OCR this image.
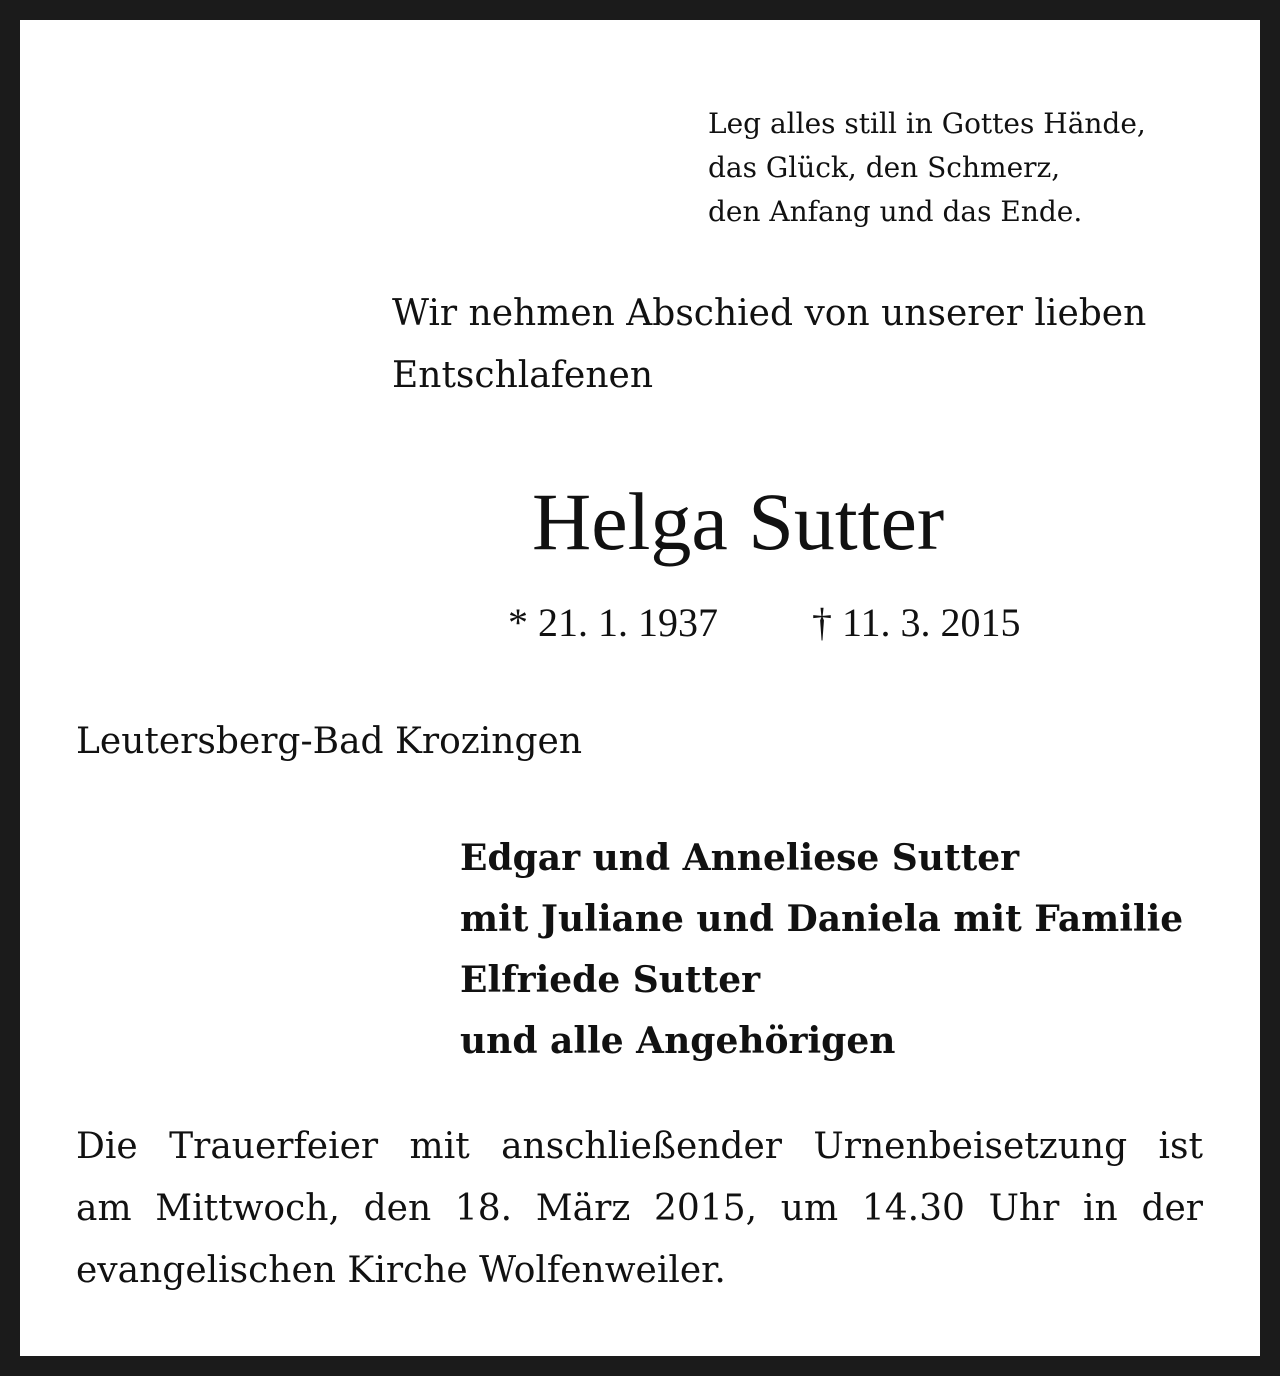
Leg alles still in Gottes Hände,
das Glück, den Schmerz,
den Anfang und das Ende.
Wir nehmen Abschied von unserer lieben
Entschlafenen
Helga Sutter
* 21. 1. 1937 † 11. 3. 2015
Leutersberg-Bad Krozingen
Edgar und Anneliese Sutter
mit Juliane und Daniela mit Familie
Elfriede Sutter
und alle Angehörigen
Die Trauerfeier mit anschließender Urnenbeisetzung ist
am Mittwoch, den 18. März 2015, um 14.30 Uhr in der
evangelischen Kirche Wolfenweiler.
